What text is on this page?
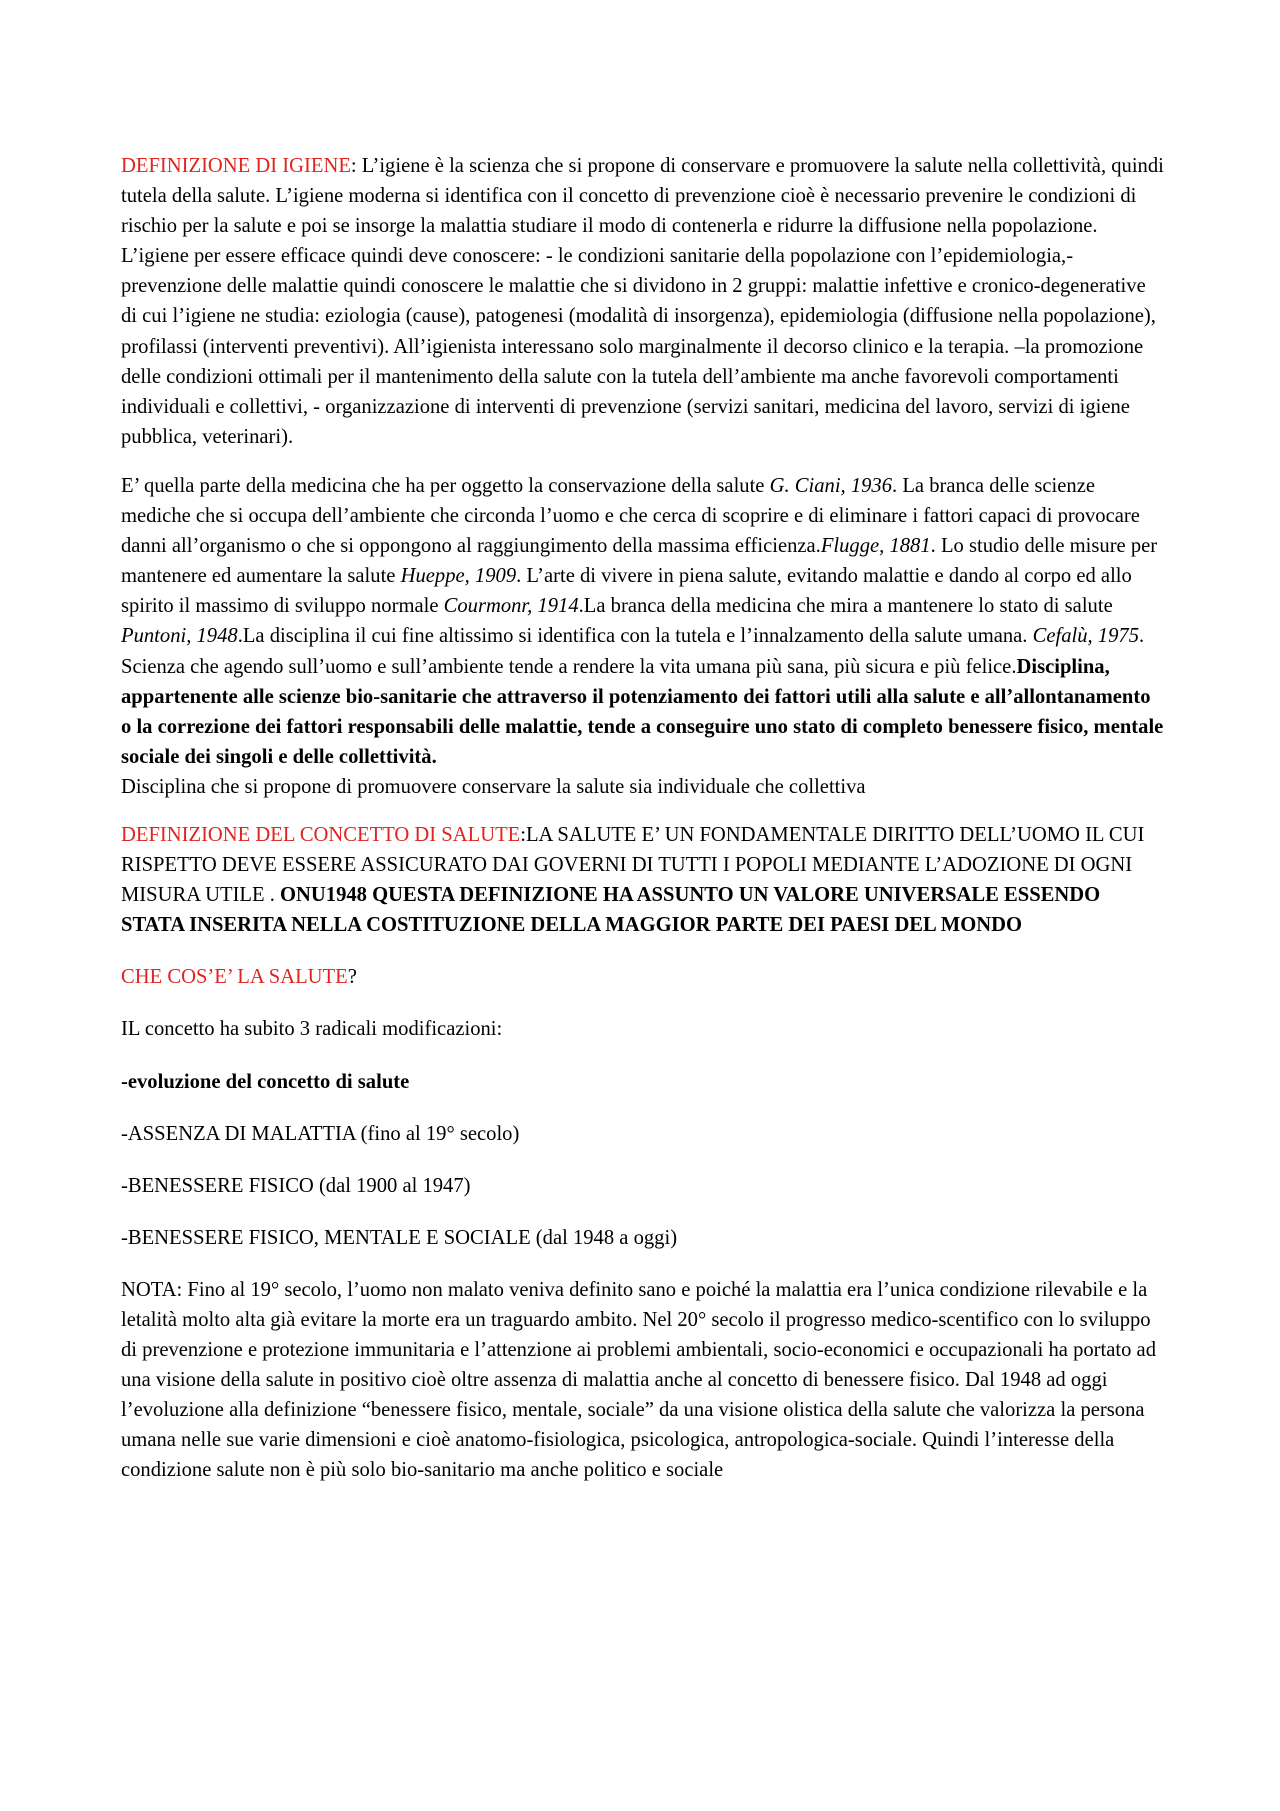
DEFINIZIONE DI IGIENE: L’igiene è la scienza che si propone di conservare e promuovere la salute nella collettività, quindi tutela della salute. L’igiene moderna si identifica con il concetto di prevenzione cioè è necessario prevenire le condizioni di rischio per la salute e poi se insorge la malattia studiare il modo di contenerla e ridurre la diffusione nella popolazione. L’igiene per essere efficace quindi deve conoscere: - le condizioni sanitarie della popolazione con l’epidemiologia,- prevenzione delle malattie quindi conoscere le malattie che si dividono in 2 gruppi: malattie infettive e cronico-degenerative di cui l’igiene ne studia: eziologia (cause), patogenesi (modalità di insorgenza), epidemiologia (diffusione nella popolazione), profilassi (interventi preventivi). All’igienista interessano solo marginalmente il decorso clinico e la terapia. –la promozione delle condizioni ottimali per il mantenimento della salute con la tutela dell’ambiente ma anche favorevoli comportamenti individuali e collettivi, - organizzazione di interventi di prevenzione (servizi sanitari, medicina del lavoro, servizi di igiene pubblica, veterinari).

E’ quella parte della medicina che ha per oggetto la conservazione della salute G. Ciani, 1936. La branca delle scienze mediche che si occupa dell’ambiente che circonda l’uomo e che cerca di scoprire e di eliminare i fattori capaci di provocare danni all’organismo o che si oppongono al raggiungimento della massima efficienza.Flugge, 1881. Lo studio delle misure per mantenere ed aumentare la salute Hueppe, 1909. L’arte di vivere in piena salute, evitando malattie e dando al corpo ed allo spirito il massimo di sviluppo normale Courmonr, 1914.La branca della medicina che mira a mantenere lo stato di salute Puntoni, 1948.La disciplina il cui fine altissimo si identifica con la tutela e l’innalzamento della salute umana. Cefalù, 1975. Scienza che agendo sull’uomo e sull’ambiente tende a rendere la vita umana più sana, più sicura e più felice.Disciplina, appartenente alle scienze bio-sanitarie che attraverso il potenziamento dei fattori utili alla salute e all’allontanamento o la correzione dei fattori responsabili delle malattie, tende a conseguire uno stato di completo benessere fisico, mentale sociale dei singoli e delle collettività.
Disciplina che si propone di promuovere conservare la salute sia individuale che collettiva

DEFINIZIONE DEL CONCETTO DI SALUTE:LA SALUTE E’ UN FONDAMENTALE DIRITTO DELL’UOMO IL CUI RISPETTO DEVE ESSERE ASSICURATO DAI GOVERNI DI TUTTI I POPOLI MEDIANTE L’ADOZIONE DI OGNI MISURA UTILE . ONU1948 QUESTA DEFINIZIONE HA ASSUNTO UN VALORE UNIVERSALE ESSENDO STATA INSERITA NELLA COSTITUZIONE DELLA MAGGIOR PARTE DEI PAESI DEL MONDO

CHE COS’E’ LA SALUTE?

IL concetto ha subito 3 radicali modificazioni:

-evoluzione del concetto di salute

-ASSENZA DI MALATTIA (fino al 19° secolo)

-BENESSERE FISICO (dal 1900 al 1947)

-BENESSERE FISICO, MENTALE E SOCIALE (dal 1948 a oggi)

NOTA: Fino al 19° secolo, l’uomo non malato veniva definito sano e poiché la malattia era l’unica condizione rilevabile e la letalità molto alta già evitare la morte era un traguardo ambito. Nel 20° secolo il progresso medico-scentifico con lo sviluppo di prevenzione e protezione immunitaria e l’attenzione ai problemi ambientali, socio-economici e occupazionali ha portato ad una visione della salute in positivo cioè oltre assenza di malattia anche al concetto di benessere fisico. Dal 1948 ad oggi l’evoluzione alla definizione “benessere fisico, mentale, sociale” da una visione olistica della salute che valorizza la persona umana nelle sue varie dimensioni e cioè anatomo-fisiologica, psicologica, antropologica-sociale. Quindi l’interesse della condizione salute non è più solo bio-sanitario ma anche politico e sociale
